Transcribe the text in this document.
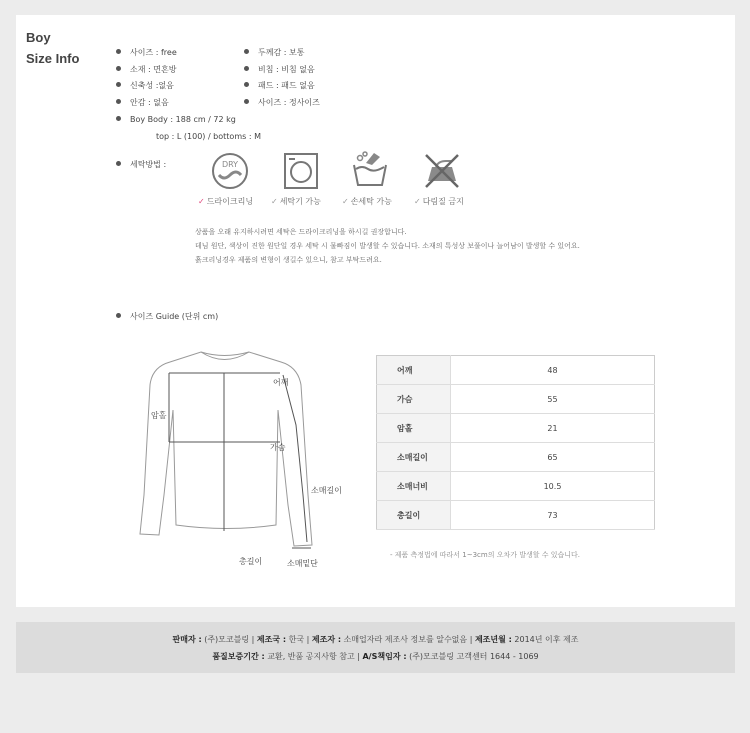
Boy
Size Info	사이즈 : free	두께감 : 보통
소재 : 면혼방	비침 : 비침 없음
신축성 :없음	패드 : 패드 없음
안감 : 없음	사이즈 : 정사이즈
Boy Body : 188 cm / 72 kg
top : L (100) / bottoms : M
세탁방법 :	DRY
✓ 드라이크리닝 ✓ 세탁기 가능	✓ 손세탁 가능	✓ 다림질 금지
상품을 오래 유지하시려면 세탁은 드라이크리닝을 하시길 권장합니다.
데님 원단, 색상이 진한 원단일 경우 세탁 시 물빠짐이 발생할 수 있습니다. 소재의 특성상 보풀이나 늘어남이 발생할 수 있어요.
흙크리닝경우 제품의 변형이 생길수 있으니, 참고 부탁드려요.
사이즈 Guide (단위 cm)
어깨
암홀
가슴
소매길이
총길이	소매밑단
어깨	48
가슴	55
암홀	21
소매길이	65
소매너비	10.5
총길이	73
- 제품 측정법에 따라서 1~3cm의 오차가 발생할 수 있습니다.
판매자 : (주)모코블링 | 제조국 : 한국 | 제조자 : 소매업자라 제조사 정보를 알수없음 | 제조년월 : 2014년 이후 제조
품질보증기간 : 교환, 반품 공지사항 참고 | A/S책임자 : (주)모코블링 고객센터 1644 - 1069
